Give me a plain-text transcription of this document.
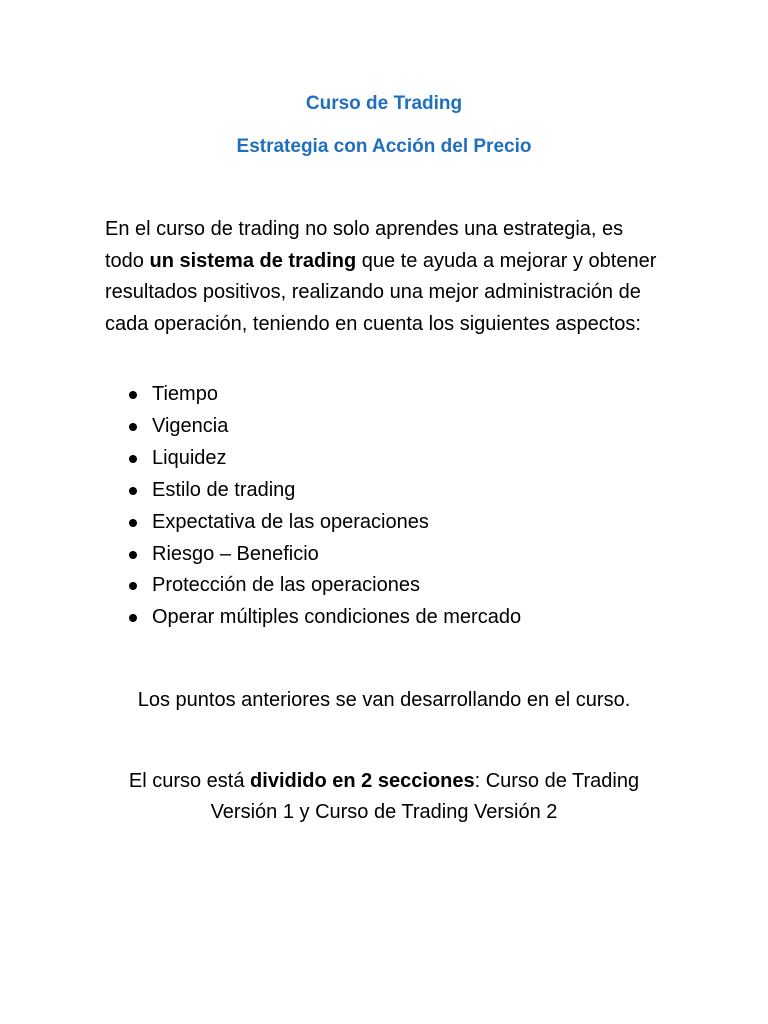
Curso de Trading
Estrategia con Acción del Precio
En el curso de trading no solo aprendes una estrategia, es todo un sistema de trading que te ayuda a mejorar y obtener resultados positivos, realizando una mejor administración de cada operación, teniendo en cuenta los siguientes aspectos:
Tiempo
Vigencia
Liquidez
Estilo de trading
Expectativa de las operaciones
Riesgo – Beneficio
Protección de las operaciones
Operar múltiples condiciones de mercado
Los puntos anteriores se van desarrollando en el curso.
El curso está dividido en 2 secciones: Curso de Trading
Versión 1 y Curso de Trading Versión 2
